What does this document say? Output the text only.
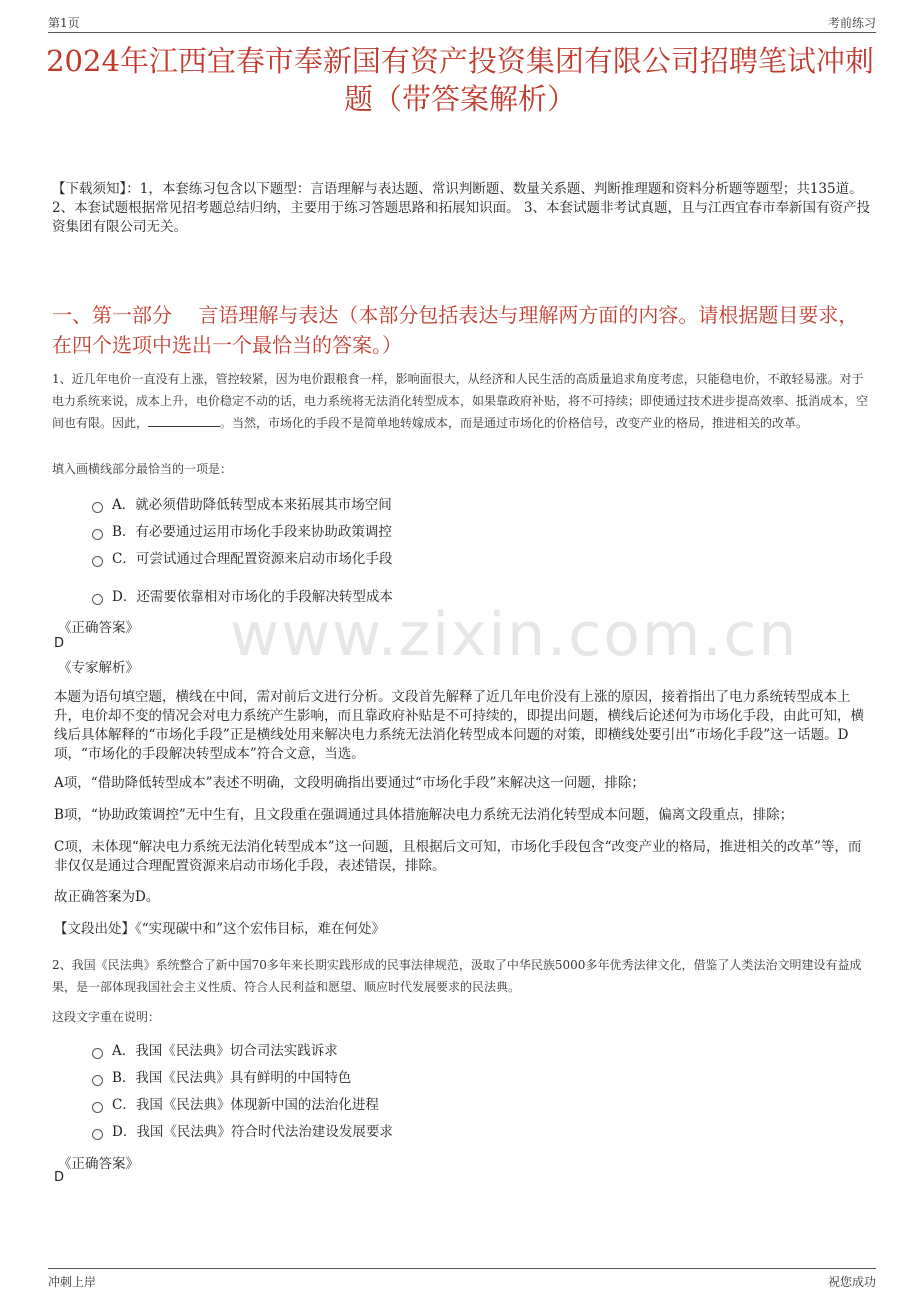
第1页	考前练习
2024年江西宜春市奉新国有资产投资集团有限公司招聘笔试冲刺题（带答案解析）
【下载须知】：1，本套练习包含以下题型：言语理解与表达题、常识判断题、数量关系题、判断推理题和资料分析题等题型；共135道。 2、本套试题根据常见招考题总结归纳，主要用于练习答题思路和拓展知识面。 3、本套试题非考试真题，且与江西宜春市奉新国有资产投资集团有限公司无关。
一、第一部分　 言语理解与表达（本部分包括表达与理解两方面的内容。请根据题目要求，在四个选项中选出一个最恰当的答案。）
1、近几年电价一直没有上涨，管控较紧，因为电价跟粮食一样，影响面很大，从经济和人民生活的高质量追求角度考虑，只能稳电价，不敢轻易涨。对于电力系统来说，成本上升，电价稳定不动的话，电力系统将无法消化转型成本，如果靠政府补贴，将不可持续；即使通过技术进步提高效率、抵消成本，空间也有限。因此，	。当然，市场化的手段不是简单地转嫁成本，而是通过市场化的价格信号，改变产业的格局，推进相关的改革。
填入画横线部分最恰当的一项是：
A．就必须借助降低转型成本来拓展其市场空间
B．有必要通过运用市场化手段来协助政策调控
C．可尝试通过合理配置资源来启动市场化手段
D．还需要依靠相对市场化的手段解决转型成本
《正确答案》
D
《专家解析》
本题为语句填空题，横线在中间，需对前后文进行分析。文段首先解释了近几年电价没有上涨的原因，接着指出了电力系统转型成本上升，电价却不变的情况会对电力系统产生影响，而且靠政府补贴是不可持续的，即提出问题，横线后论述何为市场化手段，由此可知，横线后具体解释的“市场化手段”正是横线处用来解决电力系统无法消化转型成本问题的对策，即横线处要引出“市场化手段”这一话题。D项，“市场化的手段解决转型成本”符合文意，当选。
A项，“借助降低转型成本”表述不明确，文段明确指出要通过“市场化手段”来解决这一问题，排除；
B项，“协助政策调控”无中生有，且文段重在强调通过具体措施解决电力系统无法消化转型成本问题，偏离文段重点，排除；
C项，未体现“解决电力系统无法消化转型成本”这一问题，且根据后文可知，市场化手段包含“改变产业的格局，推进相关的改革”等，而非仅仅是通过合理配置资源来启动市场化手段，表述错误，排除。
故正确答案为D。
【文段出处】《“实现碳中和”这个宏伟目标，难在何处》
2、我国《民法典》系统整合了新中国70多年来长期实践形成的民事法律规范，汲取了中华民族5000多年优秀法律文化，借鉴了人类法治文明建设有益成果，是一部体现我国社会主义性质、符合人民利益和愿望、顺应时代发展要求的民法典。
这段文字重在说明：
A．我国《民法典》切合司法实践诉求
B．我国《民法典》具有鲜明的中国特色
C．我国《民法典》体现新中国的法治化进程
D．我国《民法典》符合时代法治建设发展要求
《正确答案》
D
www.zixin.com.cn
冲刺上岸	祝您成功
